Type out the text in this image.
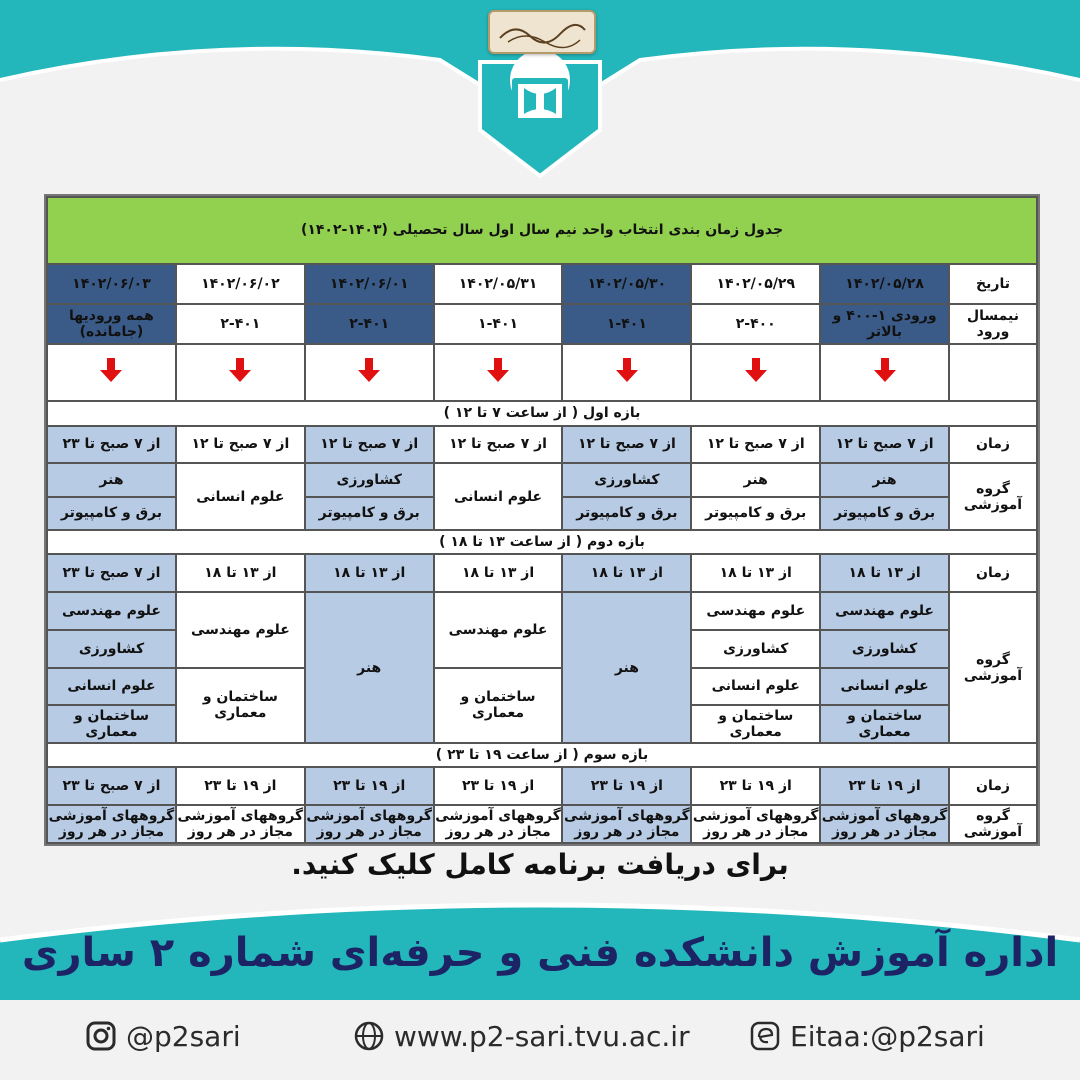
جدول زمان بندی انتخاب واحد نیم سال اول سال تحصیلی (۱۴۰۳-۱۴۰۲)							
تاریخ	۱۴۰۲/۰۵/۲۸	۱۴۰۲/۰۵/۲۹	۱۴۰۲/۰۵/۳۰	۱۴۰۲/۰۵/۳۱	۱۴۰۲/۰۶/۰۱	۱۴۰۲/۰۶/۰۲	۱۴۰۲/۰۶/۰۳
نیمسال ورود	ورودی ۱-۴۰۰ و بالاتر	۲-۴۰۰	۱-۴۰۱	۱-۴۰۱	۲-۴۰۱	۲-۴۰۱	همه ورودیها (جامانده)

بازه اول ( از ساعت ۷ تا ۱۲ )							
زمان	از ۷ صبح تا ۱۲	از ۷ صبح تا ۱۲	از ۷ صبح تا ۱۲	از ۷ صبح تا ۱۲	از ۷ صبح تا ۱۲	از ۷ صبح تا ۱۲	از ۷ صبح تا ۲۳
گروه آموزشی	هنر	هنر	کشاورزی	علوم انسانی	کشاورزی	علوم انسانی	هنر
	برق و کامپیوتر	برق و کامپیوتر	برق و کامپیوتر		برق و کامپیوتر		برق و کامپیوتر
بازه دوم ( از ساعت ۱۳ تا ۱۸ )							
زمان	از ۱۳ تا ۱۸	از ۱۳ تا ۱۸	از ۱۳ تا ۱۸	از ۱۳ تا ۱۸	از ۱۳ تا ۱۸	از ۱۳ تا ۱۸	از ۷ صبح تا ۲۳
گروه آموزشی	علوم مهندسی	علوم مهندسی	هنر	علوم مهندسی	هنر	علوم مهندسی	علوم مهندسی
	کشاورزی	کشاورزی					کشاورزی
	علوم انسانی	علوم انسانی		ساختمان و معماری		ساختمان و معماری	علوم انسانی
	ساختمان و معماری	ساختمان و معماری					ساختمان و معماری
بازه سوم ( از ساعت ۱۹ تا ۲۳ )							
زمان	از ۱۹ تا ۲۳	از ۱۹ تا ۲۳	از ۱۹ تا ۲۳	از ۱۹ تا ۲۳	از ۱۹ تا ۲۳	از ۱۹ تا ۲۳	از ۷ صبح تا ۲۳
گروه آموزشی	گروههای آموزشی مجاز در هر روز	گروههای آموزشی مجاز در هر روز	گروههای آموزشی مجاز در هر روز	گروههای آموزشی مجاز در هر روز	گروههای آموزشی مجاز در هر روز	گروههای آموزشی مجاز در هر روز	گروههای آموزشی مجاز در هر روز
برای دریافت برنامه کامل کلیک کنید.
اداره آموزش دانشکده فنی و حرفه‌ای شماره ۲ ساری
@p2sari	www.p2-sari.tvu.ac.ir	Eitaa:@p2sari
